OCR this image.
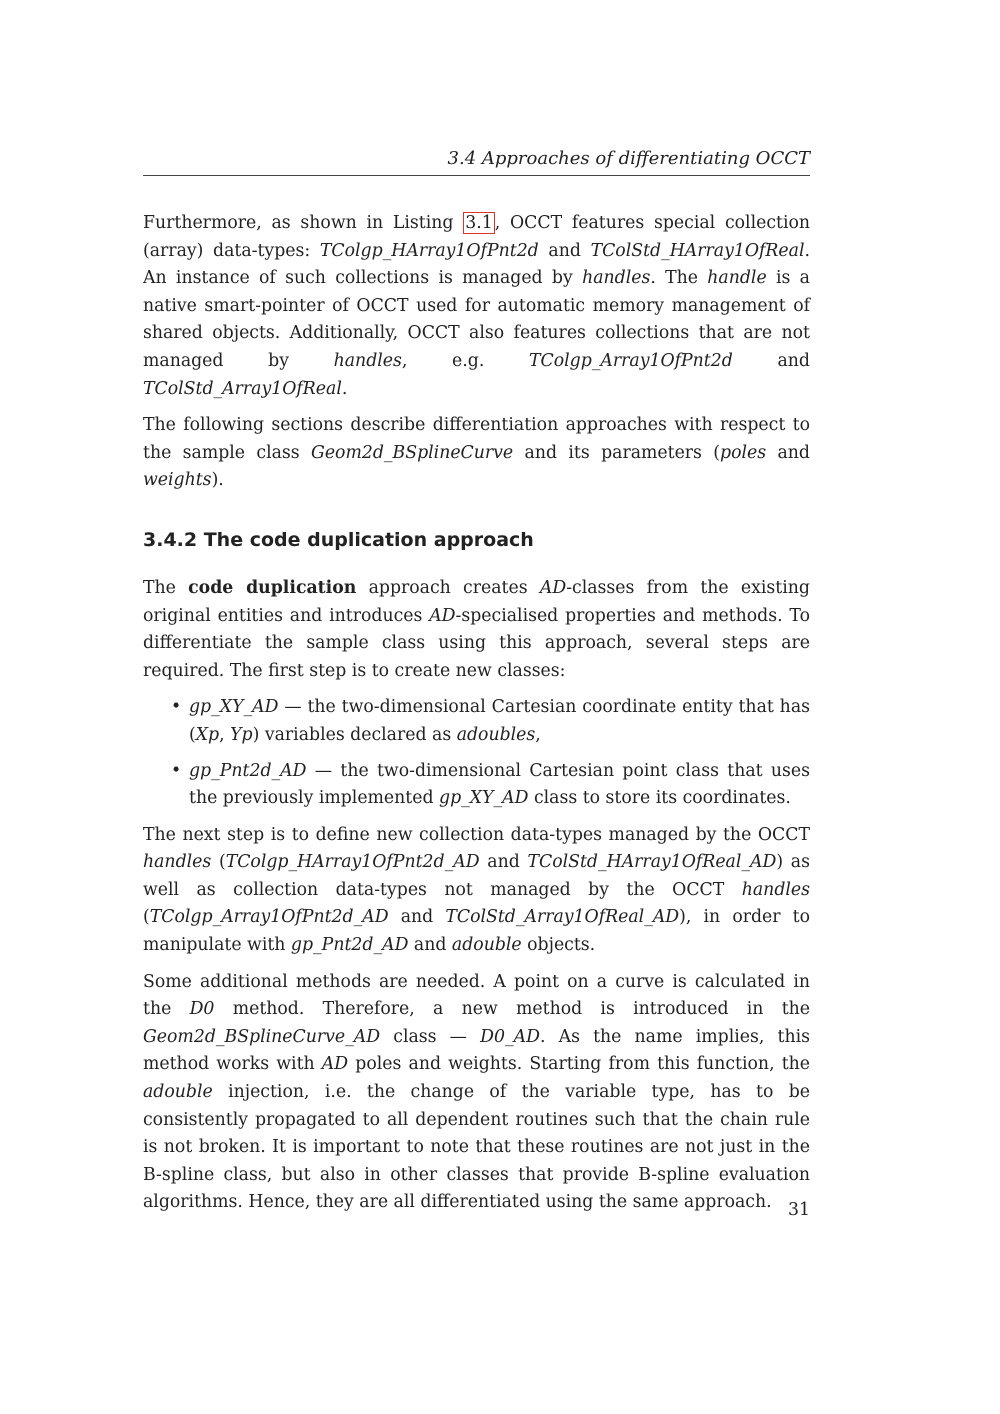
3.4 Approaches of differentiating OCCT

Furthermore, as shown in Listing 3.1 , OCCT features special collection (array) data-types: TColgp_HArray1OfPnt2d and TColStd_HArray1OfReal. An instance of such collections is managed by handles. The handle is a native smart-pointer of OCCT used for automatic memory management of shared objects. Additionally, OCCT also features collections that are not managed by handles, e.g. TColgp_Array1OfPnt2d and TColStd_Array1OfReal.

The following sections describe differentiation approaches with respect to the sample class Geom2d_BSplineCurve and its parameters (poles and weights).

3.4.2 The code duplication approach

The code duplication approach creates AD-classes from the existing original entities and introduces AD-specialised properties and methods. To differentiate the sample class using this approach, several steps are required. The first step is to create new classes:

• gp_XY_AD — the two-dimensional Cartesian coordinate entity that has (Xp, Yp) variables declared as adoubles,
• gp_Pnt2d_AD — the two-dimensional Cartesian point class that uses the previously implemented gp_XY_AD class to store its coordinates.

The next step is to define new collection data-types managed by the OCCT handles (TColgp_HArray1OfPnt2d_AD and TColStd_HArray1OfReal_AD) as well as collection data-types not managed by the OCCT handles (TColgp_Array1OfPnt2d_AD and TColStd_Array1OfReal_AD), in order to manipulate with gp_Pnt2d_AD and adouble objects.

Some additional methods are needed. A point on a curve is calculated in the D0 method. Therefore, a new method is introduced in the Geom2d_BSplineCurve_AD class — D0_AD. As the name implies, this method works with AD poles and weights. Starting from this function, the adouble injection, i.e. the change of the variable type, has to be consistently propagated to all dependent routines such that the chain rule is not broken. It is important to note that these routines are not just in the B-spline class, but also in other classes that provide B-spline evaluation algorithms. Hence, they are all differentiated using the same approach. 31
